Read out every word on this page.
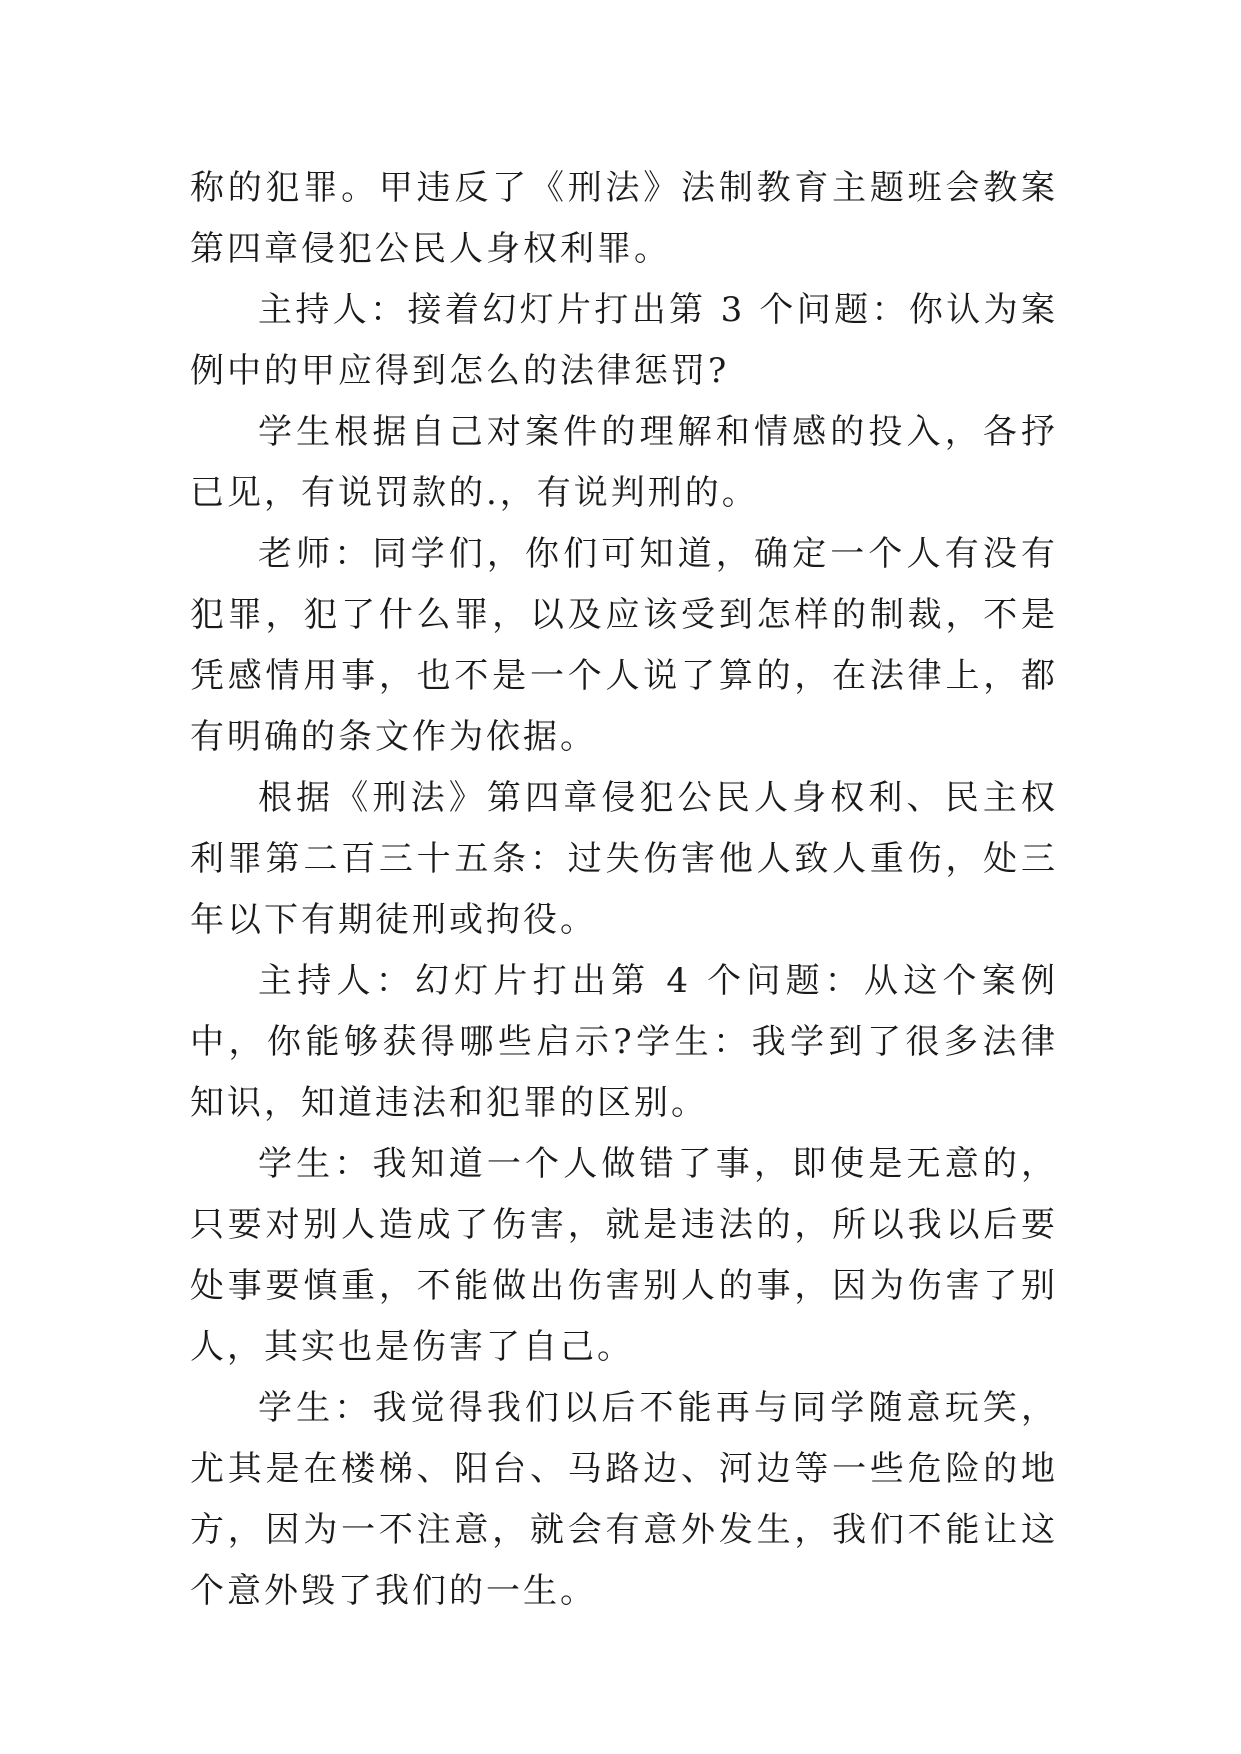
称的犯罪。甲违反了《刑法》法制教育主题班会教案第四章侵犯公民人身权利罪。

主持人：接着幻灯片打出第 3 个问题：你认为案例中的甲应得到怎么的法律惩罚?

学生根据自己对案件的理解和情感的投入，各抒已见，有说罚款的.，有说判刑的。

老师：同学们，你们可知道，确定一个人有没有犯罪，犯了什么罪，以及应该受到怎样的制裁，不是凭感情用事，也不是一个人说了算的，在法律上，都有明确的条文作为依据。

根据《刑法》第四章侵犯公民人身权利、民主权利罪第二百三十五条：过失伤害他人致人重伤，处三年以下有期徒刑或拘役。

主持人：幻灯片打出第 4 个问题：从这个案例中，你能够获得哪些启示?学生：我学到了很多法律知识，知道违法和犯罪的区别。

学生：我知道一个人做错了事，即使是无意的，只要对别人造成了伤害，就是违法的，所以我以后要处事要慎重，不能做出伤害别人的事，因为伤害了别人，其实也是伤害了自己。

学生：我觉得我们以后不能再与同学随意玩笑，尤其是在楼梯、阳台、马路边、河边等一些危险的地方，因为一不注意，就会有意外发生，我们不能让这个意外毁了我们的一生。
